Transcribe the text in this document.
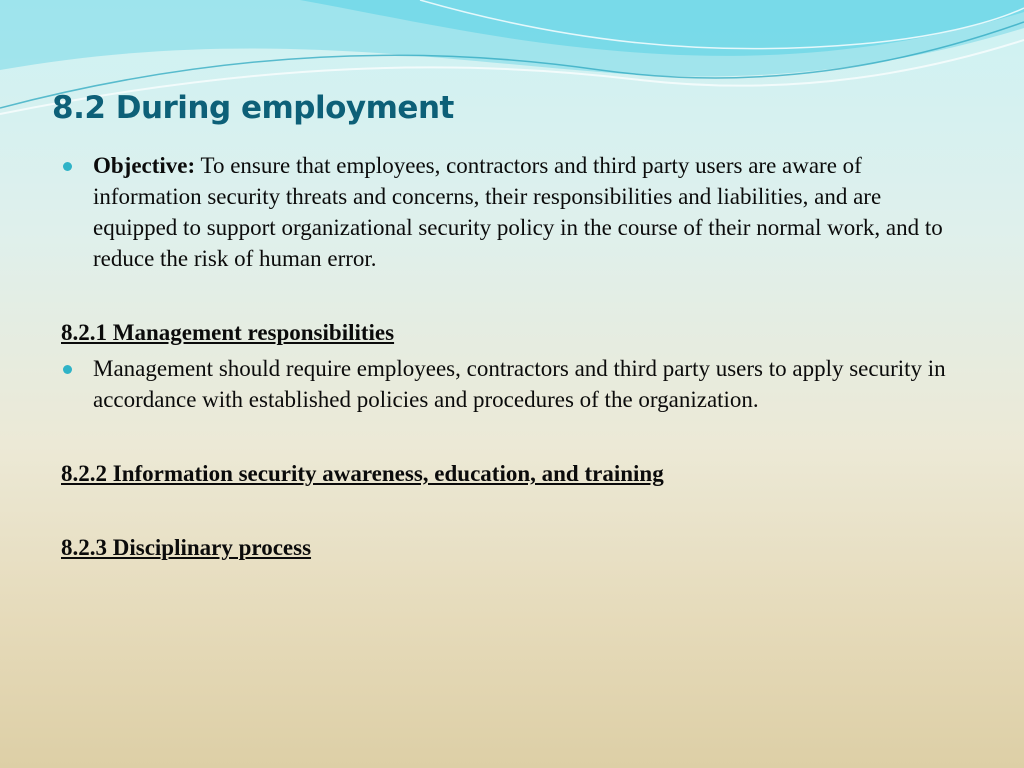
8.2 During employment
Objective: To ensure that employees, contractors and third party users are aware of information security threats and concerns, their responsibilities and liabilities, and are equipped to support organizational security policy in the course of their normal work, and to reduce the risk of human error.
8.2.1 Management responsibilities
Management should require employees, contractors and third party users to apply security in accordance with established policies and procedures of the organization.
8.2.2 Information security awareness, education, and training
8.2.3 Disciplinary process
